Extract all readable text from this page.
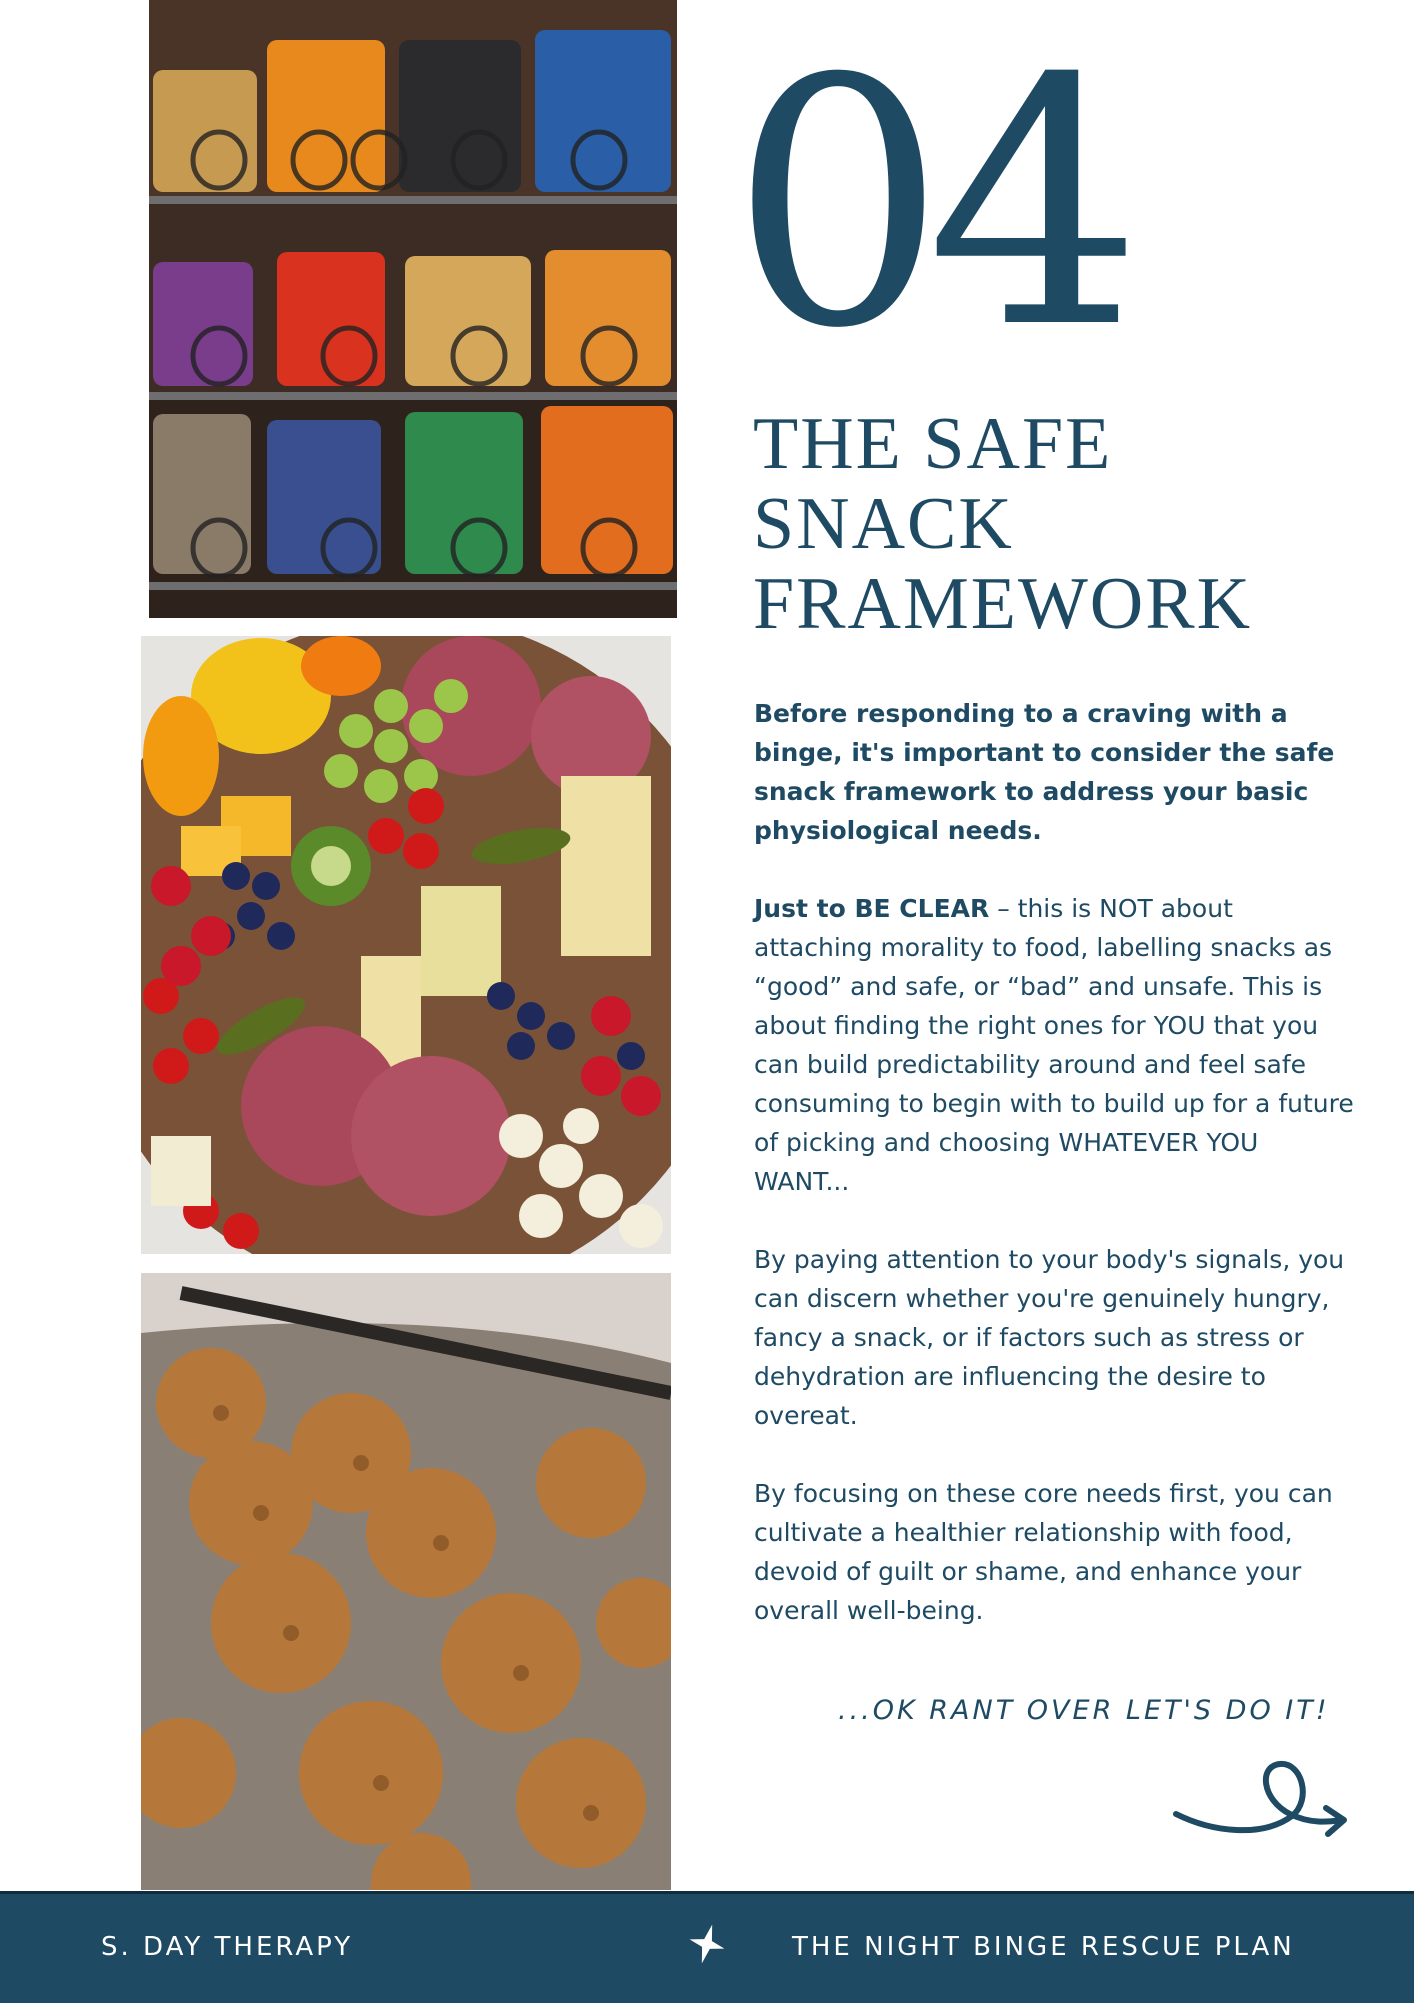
04
THE SAFE
SNACK
FRAMEWORK

Before responding to a craving with a binge, it's important to consider the safe snack framework to address your basic physiological needs.

Just to BE CLEAR – this is NOT about attaching morality to food, labelling snacks as “good” and safe, or “bad” and unsafe. This is about finding the right ones for YOU that you can build predictability around and feel safe consuming to begin with to build up for a future of picking and choosing WHATEVER YOU WANT...

By paying attention to your body's signals, you can discern whether you're genuinely hungry, fancy a snack, or if factors such as stress or dehydration are influencing the desire to overeat.

By focusing on these core needs first, you can cultivate a healthier relationship with food, devoid of guilt or shame, and enhance your overall well-being.

...OK RANT OVER LET'S DO IT!
S. DAY THERAPY	THE NIGHT BINGE RESCUE PLAN
